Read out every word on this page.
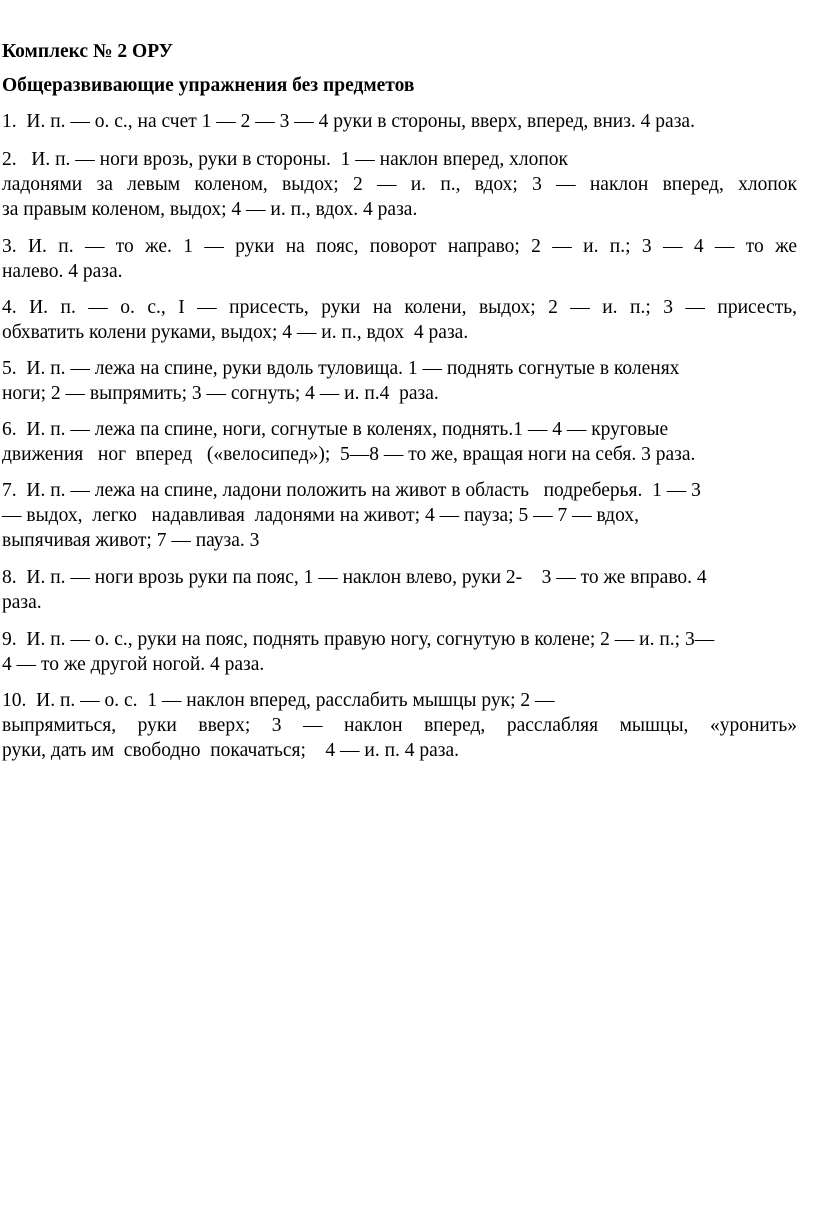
Комплекс № 2 ОРУ
Общеразвивающие упражнения без предметов
1.  И. п. — о. с., на счет 1 — 2 — 3 — 4 руки в стороны, вверх, вперед, вниз. 4 раза.
2.   И. п. — ноги врозь, руки в стороны.  1 — наклон вперед, хлопок
ладонями за левым коленом, выдох; 2 — и. п., вдох; 3 — наклон вперед, хлопок
за правым коленом, выдох; 4 — и. п., вдох. 4 раза.
3. И. п. — то же. 1 — руки на пояс, поворот направо; 2 — и. п.; 3 — 4 — то же
налево. 4 раза.
4. И. п. — о. с., I — присесть, руки на колени, выдох; 2 — и. п.; 3 — присесть,
обхватить колени руками, выдох; 4 — и. п., вдох  4 раза.
5.  И. п. — лежа на спине, руки вдоль туловища. 1 — поднять согнутые в коленях
ноги; 2 — выпрямить; 3 — согнуть; 4 — и. п.4  раза.
6.  И. п. — лежа па спине, ноги, согнутые в коленях, поднять.1 — 4 — круговые
движения   ног  вперед   («велосипед»);  5—8 — то же, вращая ноги на себя. 3 раза.
7.  И. п. — лежа на спине, ладони положить на живот в область   подреберья.  1 — 3
— выдох,  легко   надавливая  ладонями на живот; 4 — пауза; 5 — 7 — вдох,
выпячивая живот; 7 — пауза. 3
8.  И. п. — ноги врозь руки па пояс, 1 — наклон влево, руки 2-    3 — то же вправо. 4
раза.
9.  И. п. — о. с., руки на пояс, поднять правую ногу, согнутую в колене; 2 — и. п.; 3—
4 — то же другой ногой. 4 раза.
10.  И. п. — о. с.  1 — наклон вперед, расслабить мышцы рук; 2 —
выпрямиться, руки вверх; 3 — наклон вперед, расслабляя мышцы, «уронить»
руки, дать им  свободно  покачаться;    4 — и. п. 4 раза.
